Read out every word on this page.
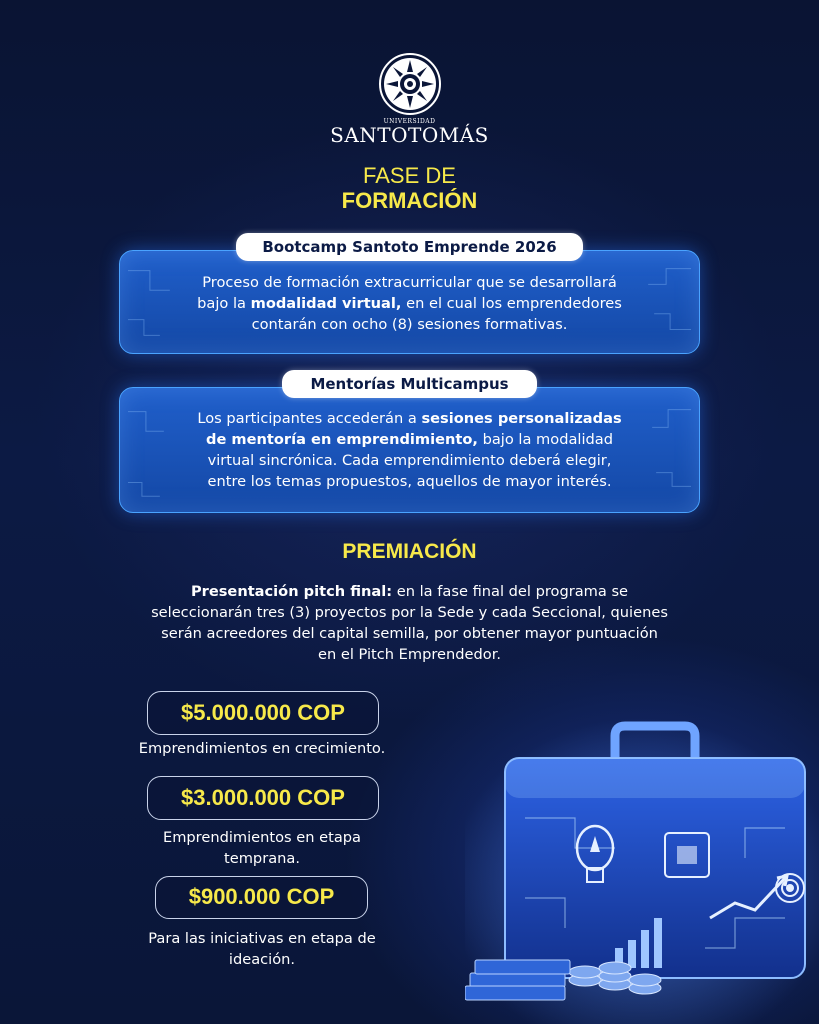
UNIVERSIDAD
SANTOTOMÁS
FASE DE
FORMACIÓN
Proceso de formación extracurricular que se desarrollará
bajo la modalidad virtual, en el cual los emprendedores
contarán con ocho (8) sesiones formativas.
Bootcamp Santoto Emprende 2026
Los participantes accederán a sesiones personalizadas
de mentoría en emprendimiento, bajo la modalidad
virtual sincrónica. Cada emprendimiento deberá elegir,
entre los temas propuestos, aquellos de mayor interés.
Mentorías Multicampus
PREMIACIÓN
Presentación pitch final: en la fase final del programa se
seleccionarán tres (3) proyectos por la Sede y cada Seccional, quienes
serán acreedores del capital semilla, por obtener mayor puntuación
en el Pitch Emprendedor.
$5.000.000 COP
Emprendimientos en crecimiento.
$3.000.000 COP
Emprendimientos en etapa
temprana.
$900.000 COP
Para las iniciativas en etapa de
ideación.
